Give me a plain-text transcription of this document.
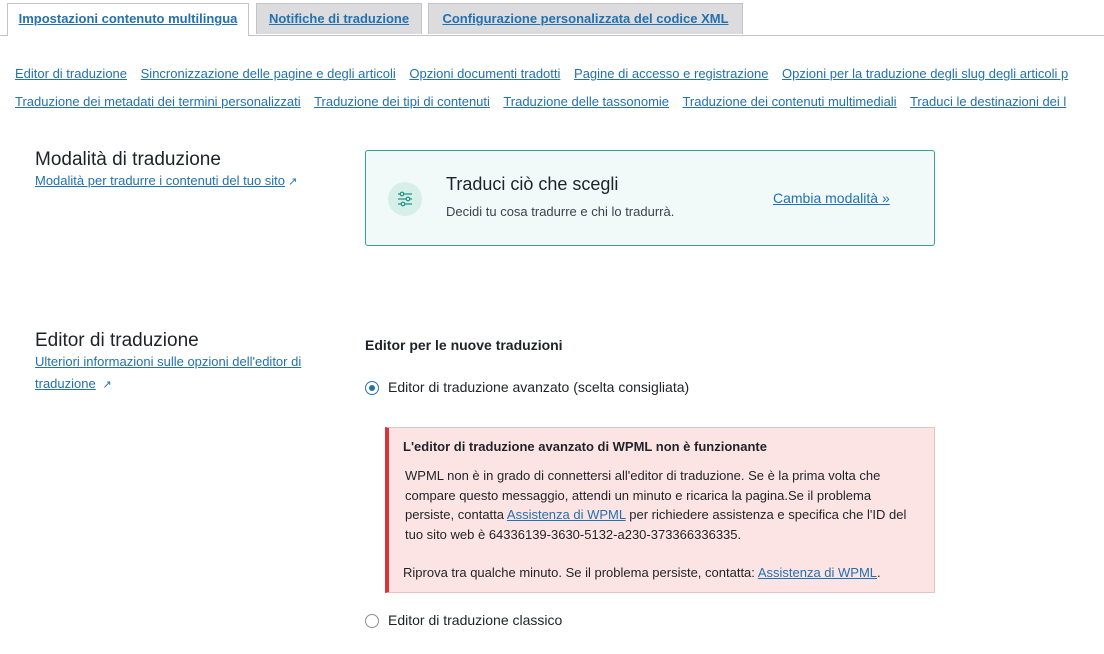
Impostazioni contenuto multilingua	Notifiche di traduzione	Configurazione personalizzata del codice XML
Editor di traduzione Sincronizzazione delle pagine e degli articoli Opzioni documenti tradotti Pagine di accesso e registrazione Opzioni per la traduzione degli slug degli articoli p
Traduzione dei metadati dei termini personalizzati Traduzione dei tipi di contenuti Traduzione delle tassonomie Traduzione dei contenuti multimediali Traduci le destinazioni dei l
Modalità di traduzione
Modalità per tradurre i contenuti del tuo sito ↗	Traduci ciò che scegli
Decidi tu cosa tradurre e chi lo tradurrà.
Cambia modalità »
Editor di traduzione
Ulteriori informazioni sulle opzioni dell'editor di
traduzione ↗
Editor per le nuove traduzioni
Editor di traduzione avanzato (scelta consigliata)
L'editor di traduzione avanzato di WPML non è funzionante
WPML non è in grado di connettersi all'editor di traduzione. Se è la prima volta che compare questo messaggio, attendi un minuto e ricarica la pagina.Se il problema persiste, contatta Assistenza di WPML per richiedere assistenza e specifica che l'ID del tuo sito web è 64336139-3630-5132-a230-373366336335.
Riprova tra qualche minuto. Se il problema persiste, contatta: Assistenza di WPML.
Editor di traduzione classico
